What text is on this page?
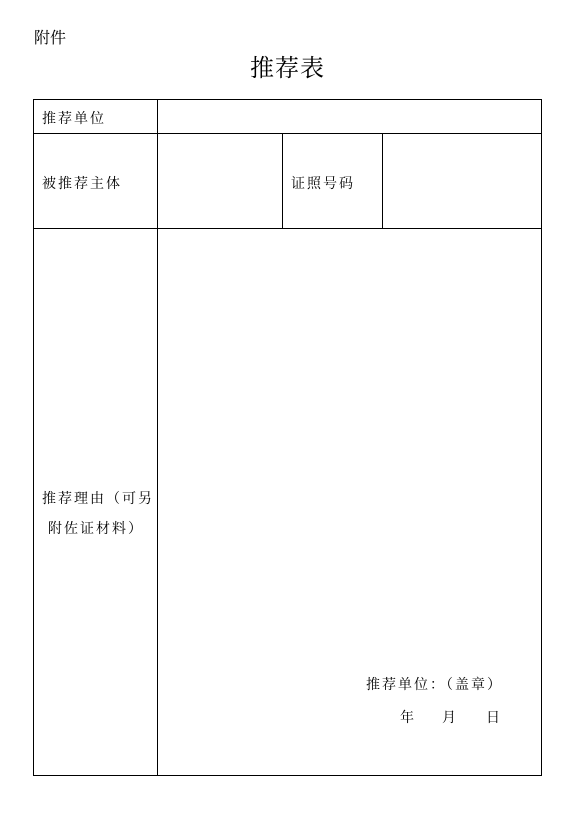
附件
推荐表
推荐单位
被推荐主体	证照号码
推荐理由（可另
附佐证材料）
推荐单位：（盖章）
年 月 日
